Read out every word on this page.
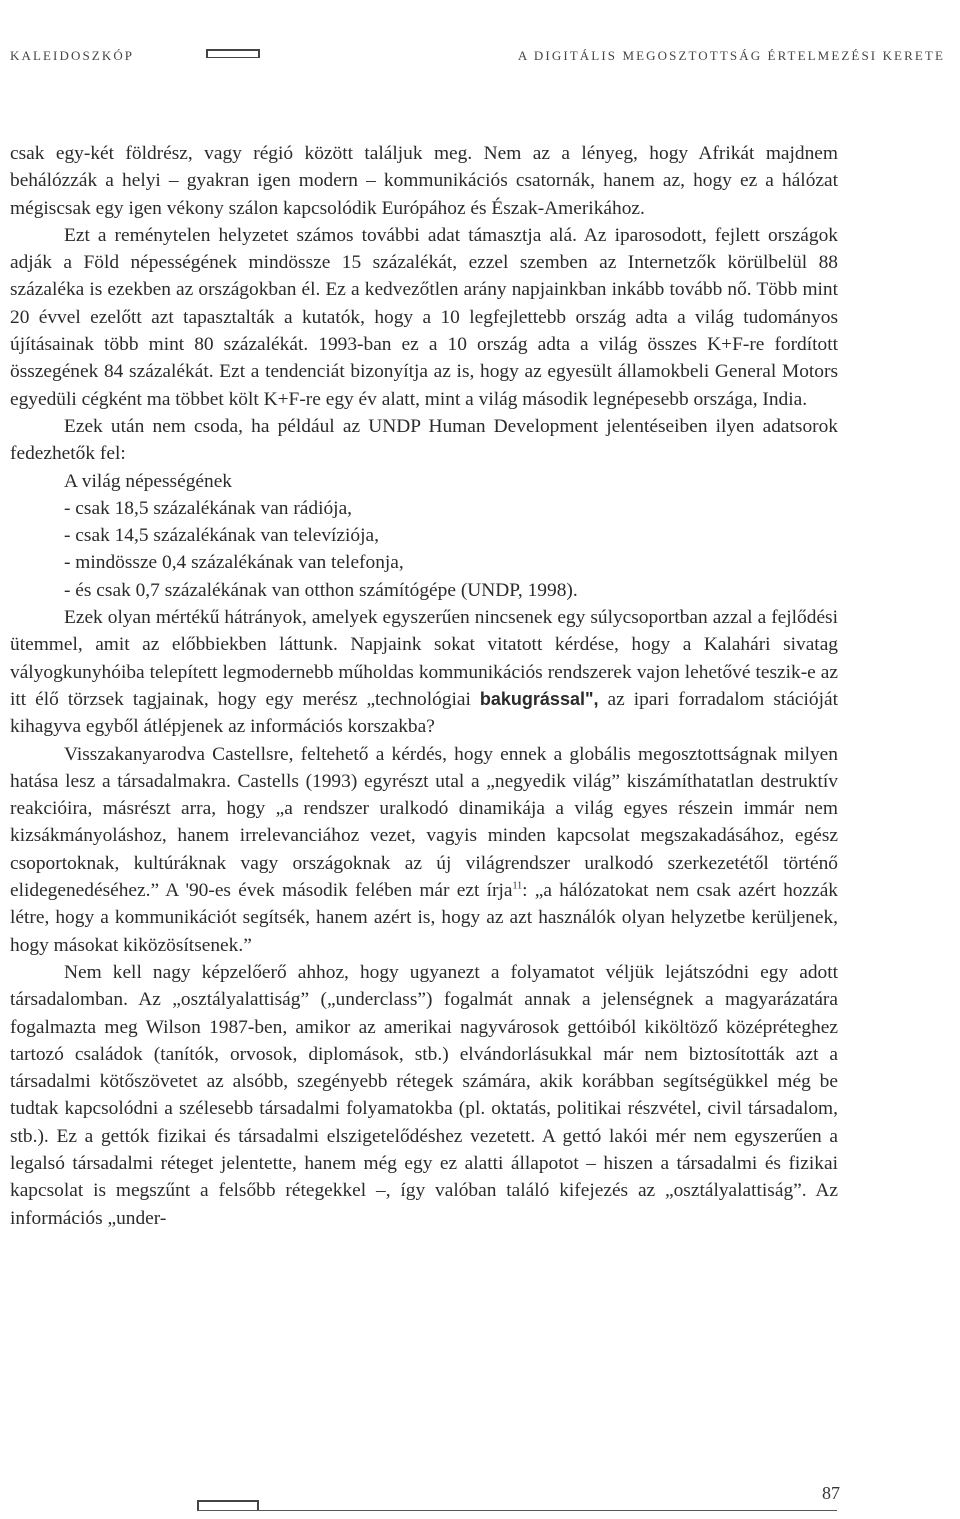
KALEIDOSZKÓP	A DIGITÁLIS MEGOSZTOTTSÁG ÉRTELMEZÉSI KERETE

csak egy-két földrész, vagy régió között találjuk meg. Nem az a lényeg, hogy Afrikát majdnem behálózzák a helyi – gyakran igen modern – kommunikációs csatornák, hanem az, hogy ez a hálózat mégiscsak egy igen vékony szálon kapcsolódik Európához és Észak-Amerikához.

Ezt a reménytelen helyzetet számos további adat támasztja alá. Az iparosodott, fejlett országok adják a Föld népességének mindössze 15 százalékát, ezzel szemben az Internetzők körülbelül 88 százaléka is ezekben az országokban él. Ez a kedvezőtlen arány napjainkban inkább tovább nő. Több mint 20 évvel ezelőtt azt tapasztalták a kutatók, hogy a 10 legfejlettebb ország adta a világ tudományos újításainak több mint 80 százalékát. 1993-ban ez a 10 ország adta a világ összes K+F-re fordított összegének 84 százalékát. Ezt a tendenciát bizonyítja az is, hogy az egyesült államokbeli General Motors egyedüli cégként ma többet költ K+F-re egy év alatt, mint a világ második legnépesebb országa, India.

Ezek után nem csoda, ha például az UNDP Human Development jelentéseiben ilyen adatsorok fedezhetők fel:

A világ népességének

- csak 18,5 százalékának van rádiója,

- csak 14,5 százalékának van televíziója,

- mindössze 0,4 százalékának van telefonja,

- és csak 0,7 százalékának van otthon számítógépe (UNDP, 1998).

Ezek olyan mértékű hátrányok, amelyek egyszerűen nincsenek egy súlycsoportban azzal a fejlődési ütemmel, amit az előbbiekben láttunk. Napjaink sokat vitatott kérdése, hogy a Kalahári sivatag vályogkunyhóiba telepített legmodernebb műholdas kommunikációs rendszerek vajon lehetővé teszik-e az itt élő törzsek tagjainak, hogy egy merész „technológiai bakugrással", az ipari forradalom stációját kihagyva egyből átlépjenek az információs korszakba?

Visszakanyarodva Castellsre, feltehető a kérdés, hogy ennek a globális megosztottságnak milyen hatása lesz a társadalmakra. Castells (1993) egyrészt utal a „negyedik világ” kiszámíthatatlan destruktív reakcióira, másrészt arra, hogy „a rendszer uralkodó dinamikája a világ egyes részein immár nem kizsákmányoláshoz, hanem irrelevanciához vezet, vagyis minden kapcsolat megszakadásához, egész csoportoknak, kultúráknak vagy országoknak az új világrendszer uralkodó szerkezetétől történő elidegenedéséhez.” A '90-es évek második felében már ezt írja$^{11}$: „a hálózatokat nem csak azért hozzák létre, hogy a kommunikációt segítsék, hanem azért is, hogy az azt használók olyan helyzetbe kerüljenek, hogy másokat kiközösítsenek.”

Nem kell nagy képzelőerő ahhoz, hogy ugyanezt a folyamatot véljük lejátszódni egy adott társadalomban. Az „osztályalattiság” („underclass”) fogalmát annak a jelenségnek a magyarázatára fogalmazta meg Wilson 1987-ben, amikor az amerikai nagyvárosok gettóiból kiköltöző középréteghez tartozó családok (tanítók, orvosok, diplomások, stb.) elvándorlásukkal már nem biztosították azt a társadalmi kötőszövetet az alsóbb, szegényebb rétegek számára, akik korábban segítségükkel még be tudtak kapcsolódni a szélesebb társadalmi folyamatokba (pl. oktatás, politikai részvétel, civil társadalom, stb.). Ez a gettók fizikai és társadalmi elszigetelődéshez vezetett. A gettó lakói mér nem egyszerűen a legalsó társadalmi réteget jelentette, hanem még egy ez alatti állapotot – hiszen a társadalmi és fizikai kapcsolat is megszűnt a felsőbb rétegekkel –, így valóban találó kifejezés az „osztályalattiság”. Az információs „under-

87
